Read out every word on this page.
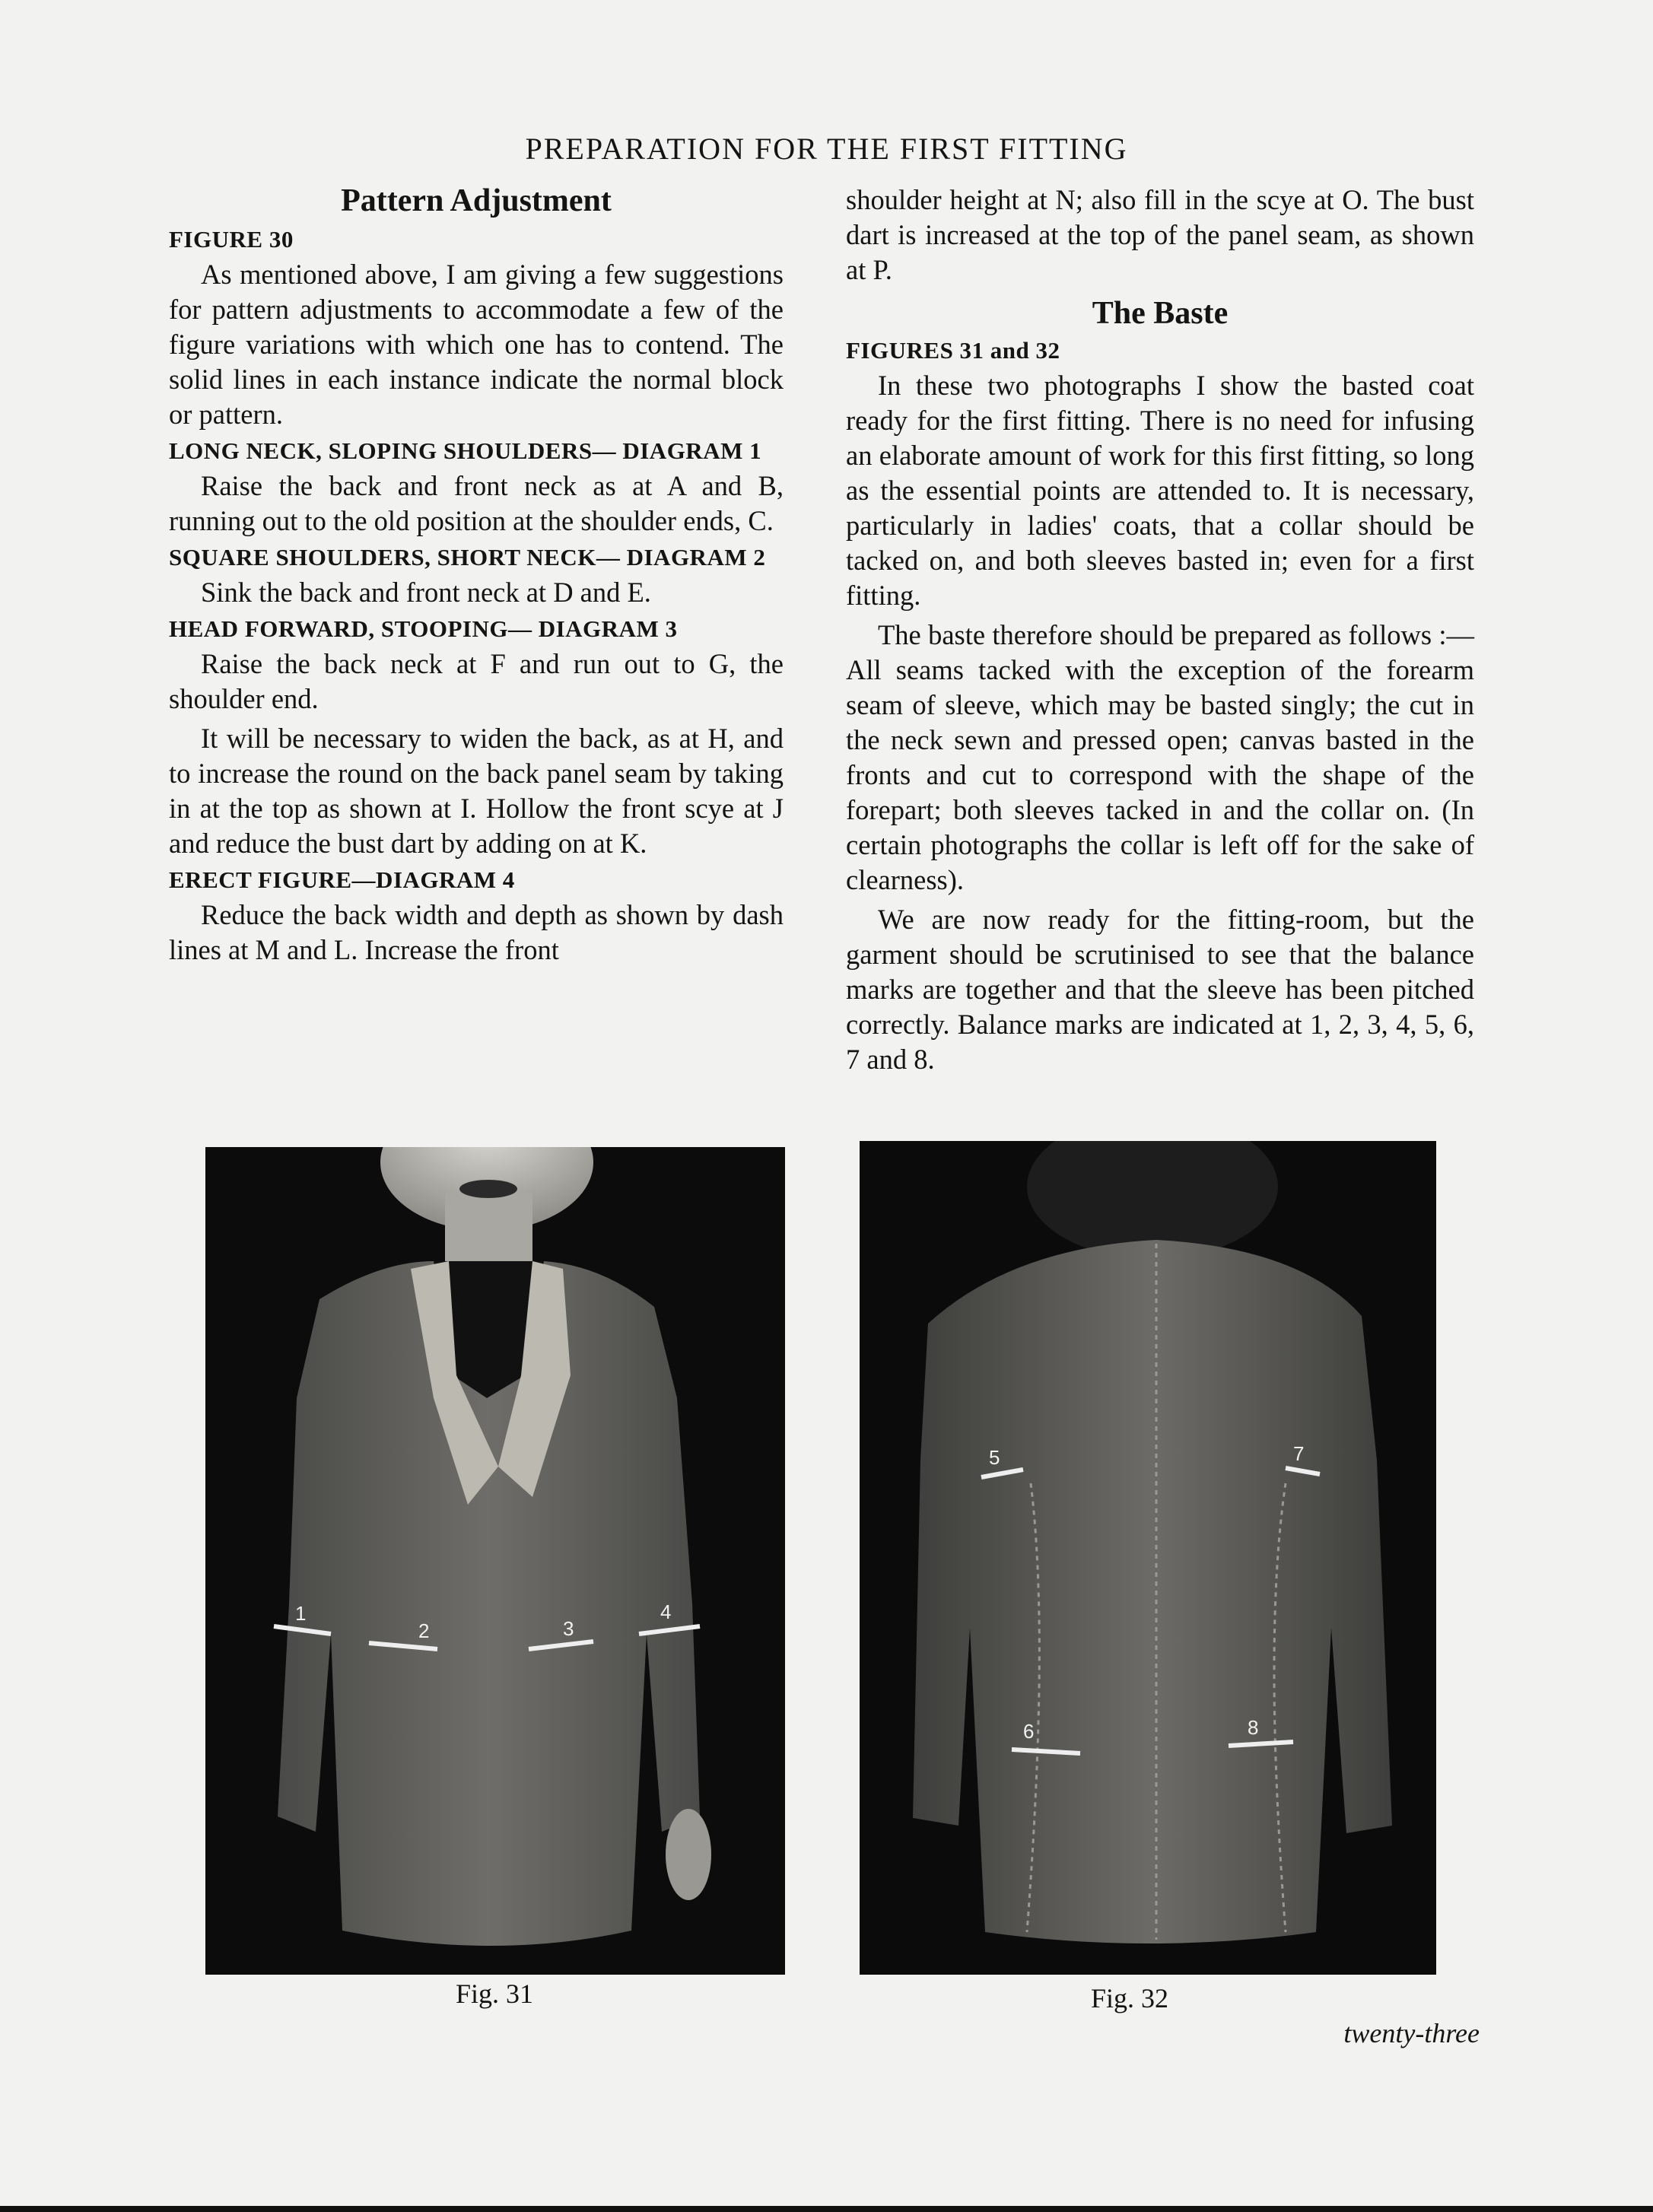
PREPARATION FOR THE FIRST FITTING
Pattern Adjustment
FIGURE 30

As mentioned above, I am giving a few suggestions for pattern adjustments to accommodate a few of the figure variations with which one has to contend. The solid lines in each instance indicate the normal block or pattern.

LONG NECK, SLOPING SHOULDERS— DIAGRAM 1

Raise the back and front neck as at A and B, running out to the old position at the shoulder ends, C.

SQUARE SHOULDERS, SHORT NECK— DIAGRAM 2

Sink the back and front neck at D and E.

HEAD FORWARD, STOOPING— DIAGRAM 3

Raise the back neck at F and run out to G, the shoulder end.

It will be necessary to widen the back, as at H, and to increase the round on the back panel seam by taking in at the top as shown at I. Hollow the front scye at J and reduce the bust dart by adding on at K.

ERECT FIGURE—DIAGRAM 4

Reduce the back width and depth as shown by dash lines at M and L. Increase the front

shoulder height at N; also fill in the scye at O. The bust dart is increased at the top of the panel seam, as shown at P.

The Baste
FIGURES 31 and 32

In these two photographs I show the basted coat ready for the first fitting. There is no need for infusing an elaborate amount of work for this first fitting, so long as the essential points are attended to. It is necessary, particularly in ladies' coats, that a collar should be tacked on, and both sleeves basted in; even for a first fitting.

The baste therefore should be prepared as follows :—All seams tacked with the exception of the forearm seam of sleeve, which may be basted singly; the cut in the neck sewn and pressed open; canvas basted in the fronts and cut to correspond with the shape of the forepart; both sleeves tacked in and the collar on. (In certain photographs the collar is left off for the sake of clearness).

We are now ready for the fitting-room, but the garment should be scrutinised to see that the balance marks are together and that the sleeve has been pitched correctly. Balance marks are indicated at 1, 2, 3, 4, 5, 6, 7 and 8.

1
2	3
4
Fig. 31
5	7
6	8
Fig. 32
twenty-three
